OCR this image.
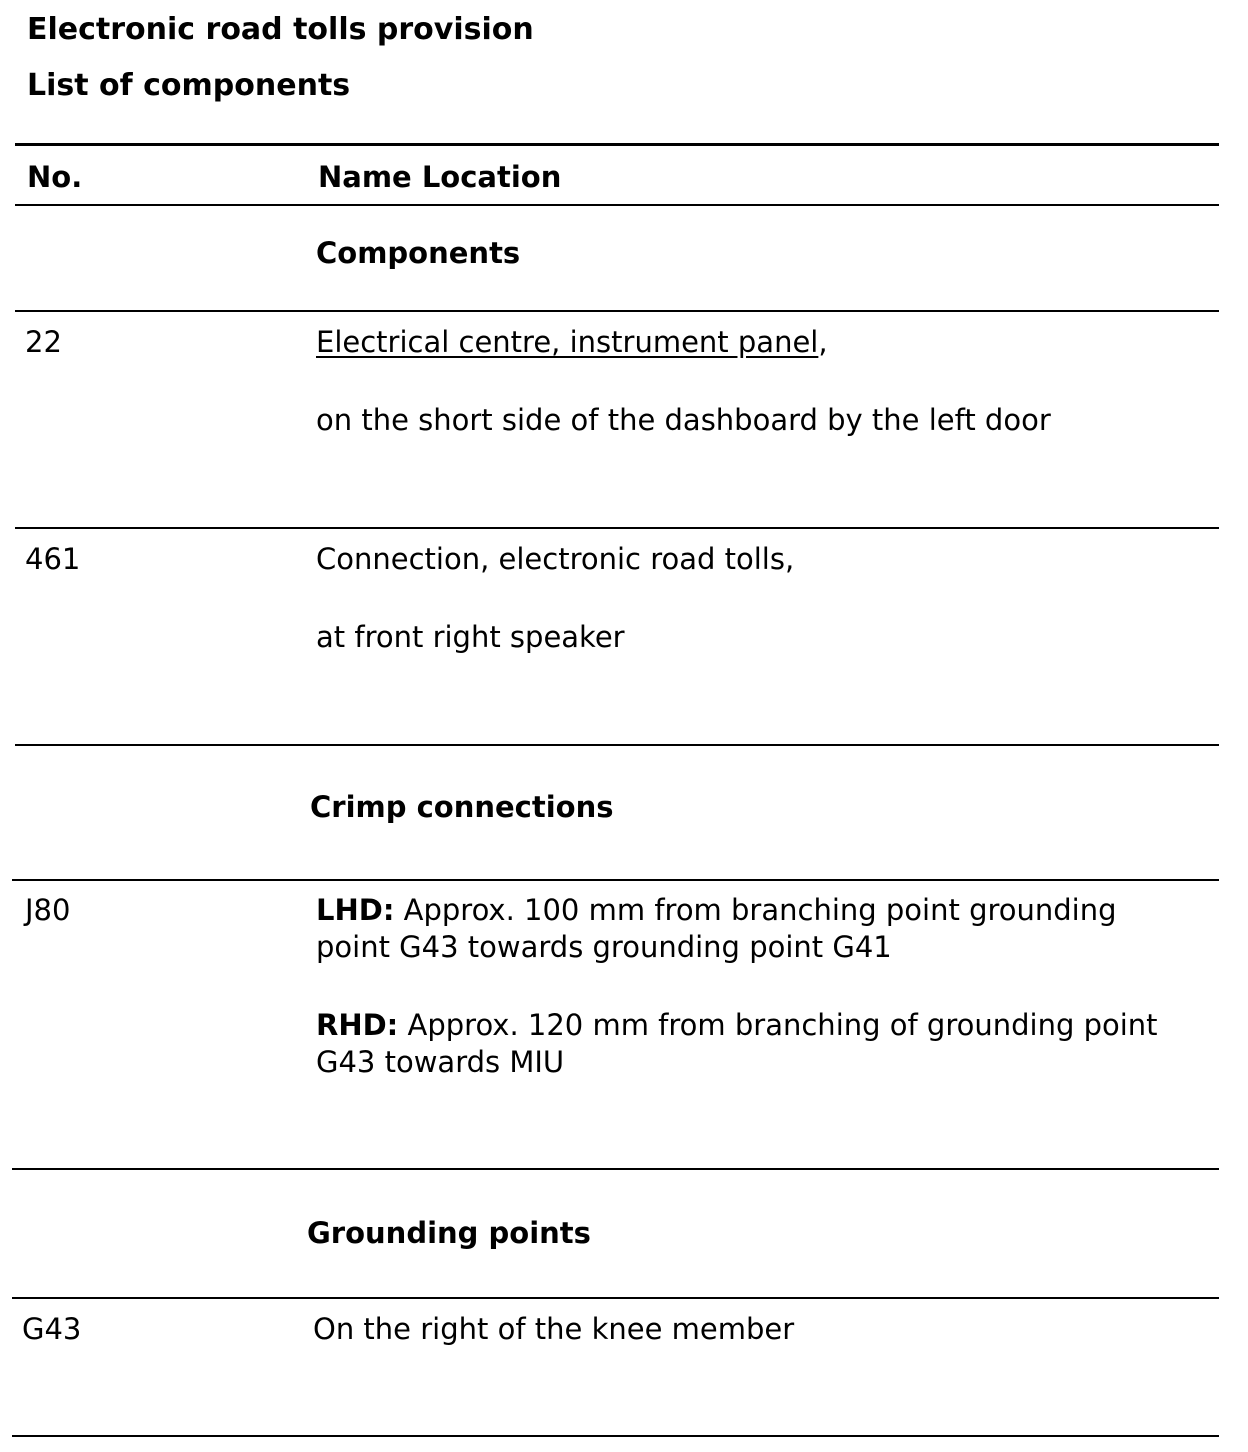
Electronic road tolls provision
List of components
No.	Name Location
Components
22	Electrical centre, instrument panel,
on the short side of the dashboard by the left door
461	Connection, electronic road tolls,
at front right speaker
Crimp connections
J80	LHD: Approx. 100 mm from branching point grounding
point G43 towards grounding point G41
RHD: Approx. 120 mm from branching of grounding point
G43 towards MIU
Grounding points
G43	On the right of the knee member
